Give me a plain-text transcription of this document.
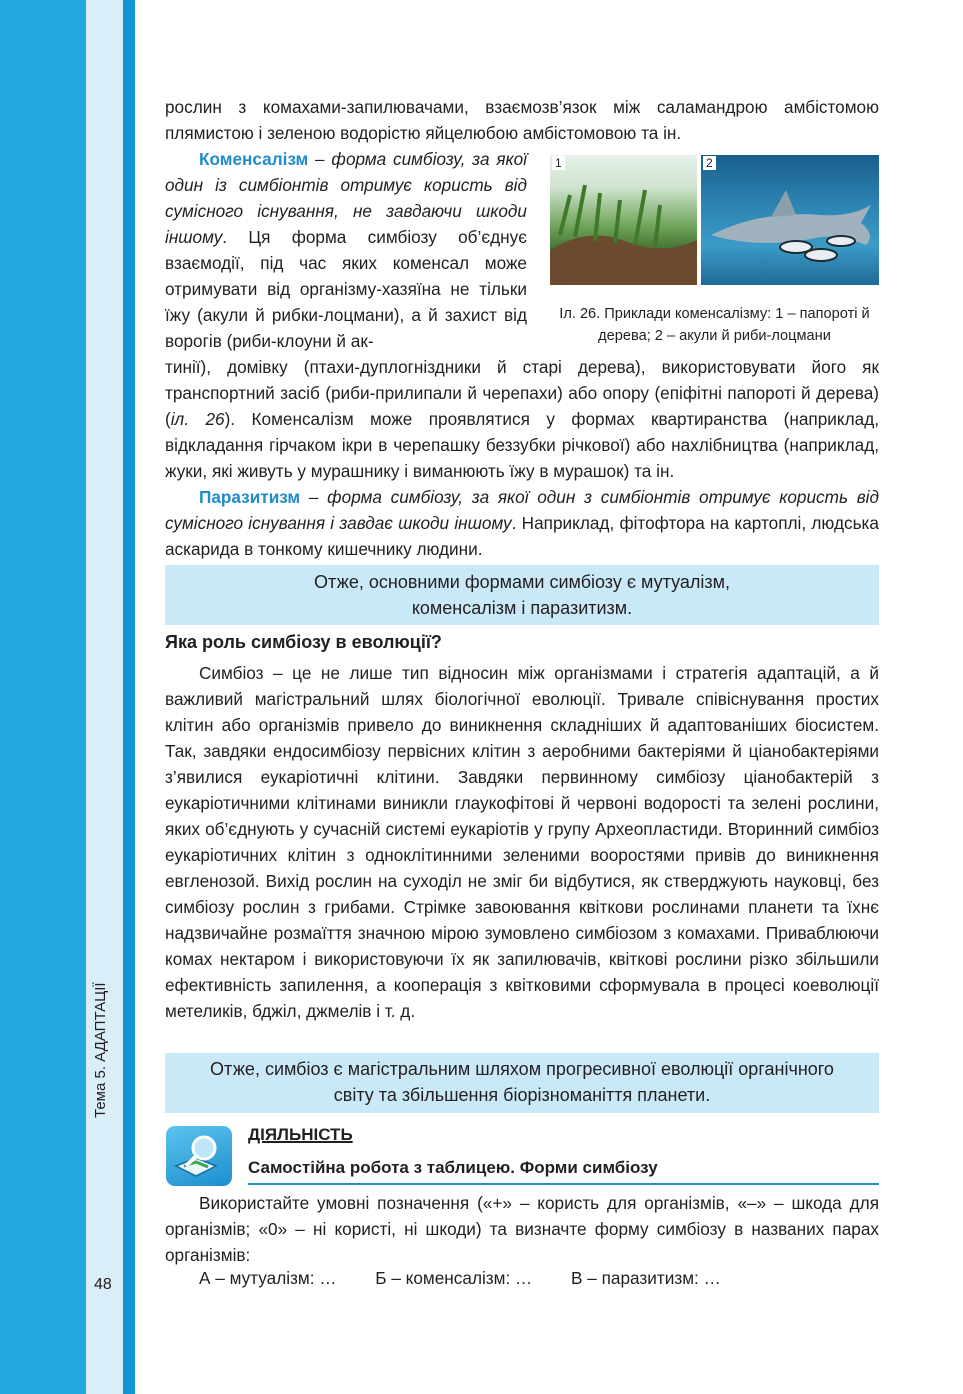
Тема 5. АДАПТАЦІЇ
48

рослин з комахами-запилювачами, взаємозв’язок між саламандрою амбістомою плямистою і зеленою водорістю яйцелюбою амбістомовою та ін.

Коменсалізм – форма симбіозу, за якої один із симбіонтів отримує користь від сумісного існування, не завдаючи шкоди іншому. Ця форма симбіозу об’єднує взаємодії, під час яких коменсал може отримувати від організму-хазяїна не тільки їжу (акули й рибки-лоцмани), а й захист від ворогів (риби-клоуни й ак-

1	2
Іл. 26. Приклади коменсалізму: 1 – папороті й дерева; 2 – акули й риби-лоцмани

тинії), домівку (птахи-дуплогніздники й старі дерева), використовувати його як транспортний засіб (риби-прилипали й черепахи) або опору (епіфітні папороті й дерева) (іл. 26). Коменсалізм може проявлятися у формах квартиранства (наприклад, відкладання гірчаком ікри в черепашку беззубки річкової) або нахлібництва (наприклад, жуки, які живуть у мурашнику і виманюють їжу в мурашок) та ін.

Паразитизм – форма симбіозу, за якої один з симбіонтів отримує користь від сумісного існування і завдає шкоди іншому. Наприклад, фітофтора на картоплі, людська аскарида в тонкому кишечнику людини.

Отже, основними формами симбіозу є мутуалізм, коменсалізм і паразитизм.
Яка роль симбіозу в еволюції?

Симбіоз – це не лише тип відносин між організмами і стратегія адаптацій, а й важливий магістральний шлях біологічної еволюції. Тривале співіснування простих клітин або організмів привело до виникнення складніших й адаптованіших біосистем. Так, завдяки ендосимбіозу первісних клітин з аеробними бактеріями й ціанобактеріями з’явилися еукаріотичні клітини. Завдяки первинному симбіозу ціанобактерій з еукаріотичними клітинами виникли глаукофітові й червоні водорості та зелені рослини, яких об’єднують у сучасній системі еукаріотів у групу Археопластиди. Вторинний симбіоз еукаріотичних клітин з одноклітинними зеленими вооростями привів до виникнення евгленозой. Вихід рослин на суходіл не зміг би відбутися, як стверджують науковці, без симбіозу рослин з грибами. Стрімке завоювання квіткови рослинами планети та їхнє надзвичайне розмаїття значною мірою зумовлено симбіозом з комахами. Приваблюючи комах нектаром і використовуючи їх як запилювачів, квіткові рослини різко збільшили ефективність запилення, а кооперація з квітковими сформувала в процесі коеволюції метеликів, бджіл, джмелів і т. д.

Отже, симбіоз є магістральним шляхом прогресивної еволюції органічного світу та збільшення біорізноманіття планети.
ДІЯЛЬНІСТЬ
Самостійна робота з таблицею. Форми симбіозу

Використайте умовні позначення («+» – користь для організмів, «–» – шкода для організмів; «0» – ні користі, ні шкоди) та визначте форму симбіозу в названих парах організмів:

А – мутуалізм: … Б – коменсалізм: … В – паразитизм: …
